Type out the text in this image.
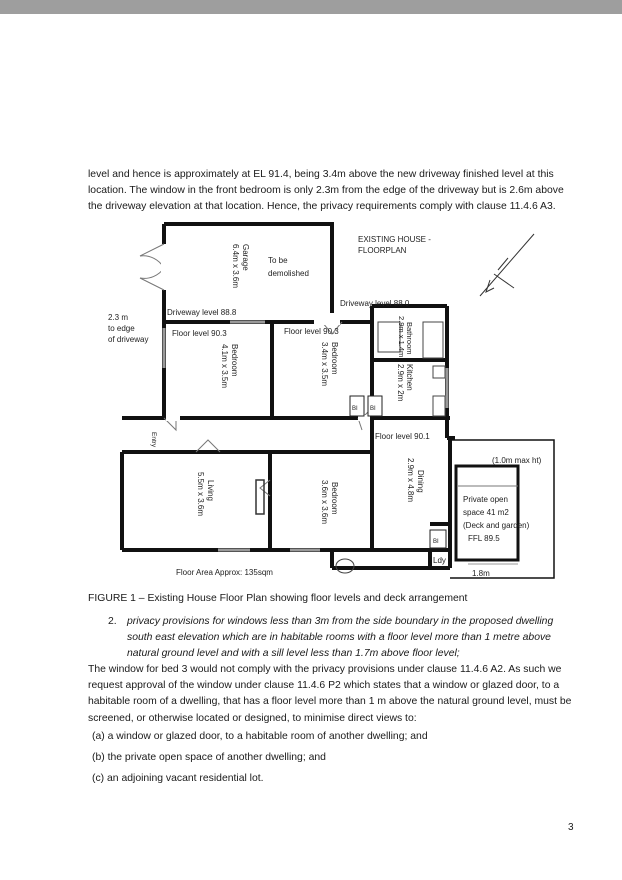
level and hence is approximately at EL 91.4, being 3.4m above the new driveway finished level at this location. The window in the front bedroom is only 2.3m from the edge of the driveway but is 2.6m above the driveway elevation at that location. Hence, the privacy requirements comply with clause 11.4.6 A3.

EXISTING HOUSE -
FLOORPLAN
To be
demolished
Driveway level 88.8
Driveway level 88.0
2.3 m
to edge
of driveway
Floor level 90.3	Floor level 90.3
Floor level 90.1
BI BI
BI
(1.0m max ht)
Private open
space 41 m2
(Deck and garden)
FFL 89.5
Ldy
1.8m
Floor Area Approx: 135sqm
Garage
6.4m x 3.6m
Bedroom
4.1m x 3.5m	Bedroom
3.4m x 3.5m
Bathroom
2.9m x 1.4m
Kitchen
2.9m x 2m
Living
5.5m x 3.6m	Bedroom
3.6m x 3.6m	Dining
2.9m x 4.8m
Entry

FIGURE 1 – Existing House Floor Plan showing floor levels and deck arrangement

2. privacy provisions for windows less than 3m from the side boundary in the proposed dwelling south east elevation which are in habitable rooms with a floor level more than 1 metre above natural ground level and with a sill level less than 1.7m above floor level;

The window for bed 3 would not comply with the privacy provisions under clause 11.4.6 A2. As such we request approval of the window under clause 11.4.6 P2 which states that a window or glazed door, to a habitable room of a dwelling, that has a floor level more than 1 m above the natural ground level, must be screened, or otherwise located or designed, to minimise direct views to:

(a) a window or glazed door, to a habitable room of another dwelling; and

(b) the private open space of another dwelling; and

(c) an adjoining vacant residential lot.

3
